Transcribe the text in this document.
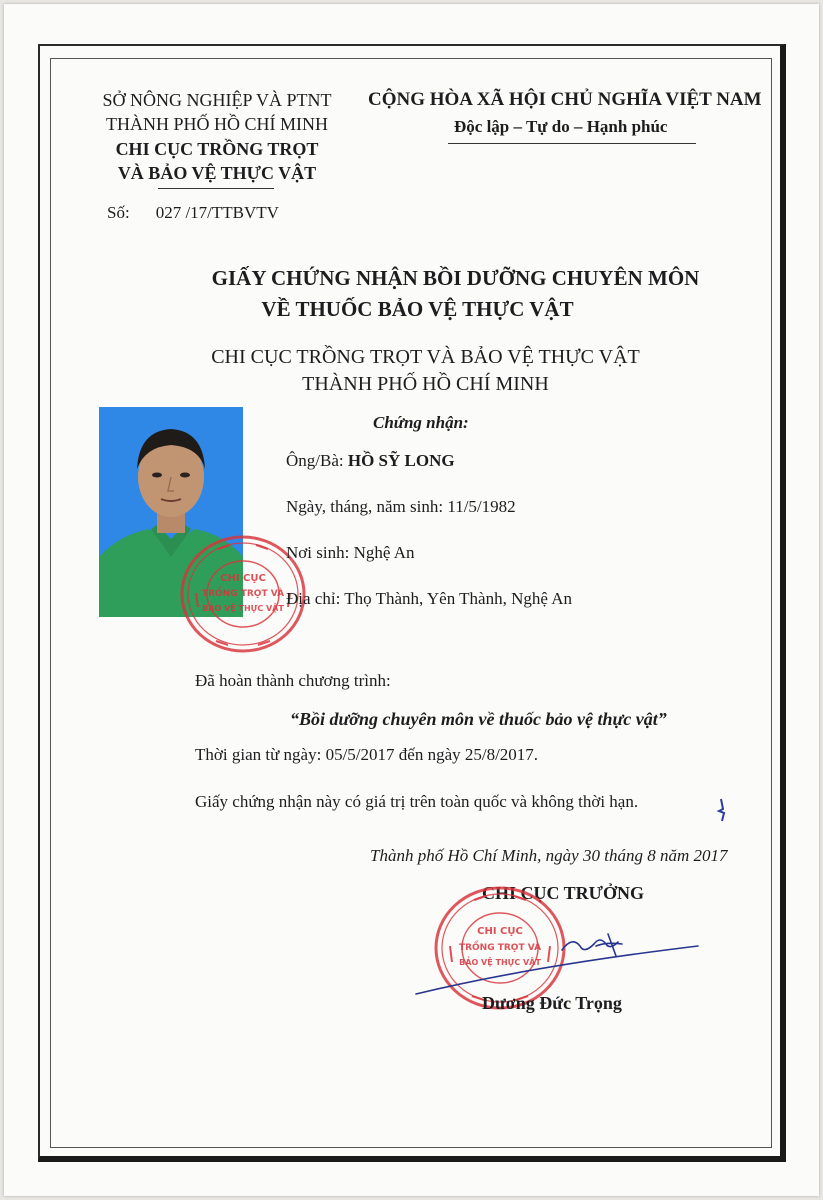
SỞ NÔNG NGHIỆP VÀ PTNT
THÀNH PHỐ HỒ CHÍ MINH
CHI CỤC TRỒNG TRỌT
VÀ BẢO VỆ THỰC VẬT
Số: 027 /17/TTBVTV
CỘNG HÒA XÃ HỘI CHỦ NGHĨA VIỆT NAM
Độc lập – Tự do – Hạnh phúc
GIẤY CHỨNG NHẬN BỒI DƯỠNG CHUYÊN MÔN
VỀ THUỐC BẢO VỆ THỰC VẬT
CHI CỤC TRỒNG TRỌT VÀ BẢO VỆ THỰC VẬT
THÀNH PHỐ HỒ CHÍ MINH
Chứng nhận:
CHI CỤC
TRỒNG TRỌT VÀ
BẢO VỆ THỰC VẬT
Ông/Bà: HỒ SỸ LONG
Ngày, tháng, năm sinh: 11/5/1982
Nơi sinh: Nghệ An
Địa chỉ: Thọ Thành, Yên Thành, Nghệ An
Đã hoàn thành chương trình:
“Bồi dưỡng chuyên môn về thuốc bảo vệ thực vật”
Thời gian từ ngày: 05/5/2017 đến ngày 25/8/2017.
Giấy chứng nhận này có giá trị trên toàn quốc và không thời hạn.
Thành phố Hồ Chí Minh, ngày 30 tháng 8 năm 2017
CHI CỤC TRƯỞNG
CHI CỤC
TRỒNG TRỌT VÀ
BẢO VỆ THỰC VẬT
Dương Đức Trọng
